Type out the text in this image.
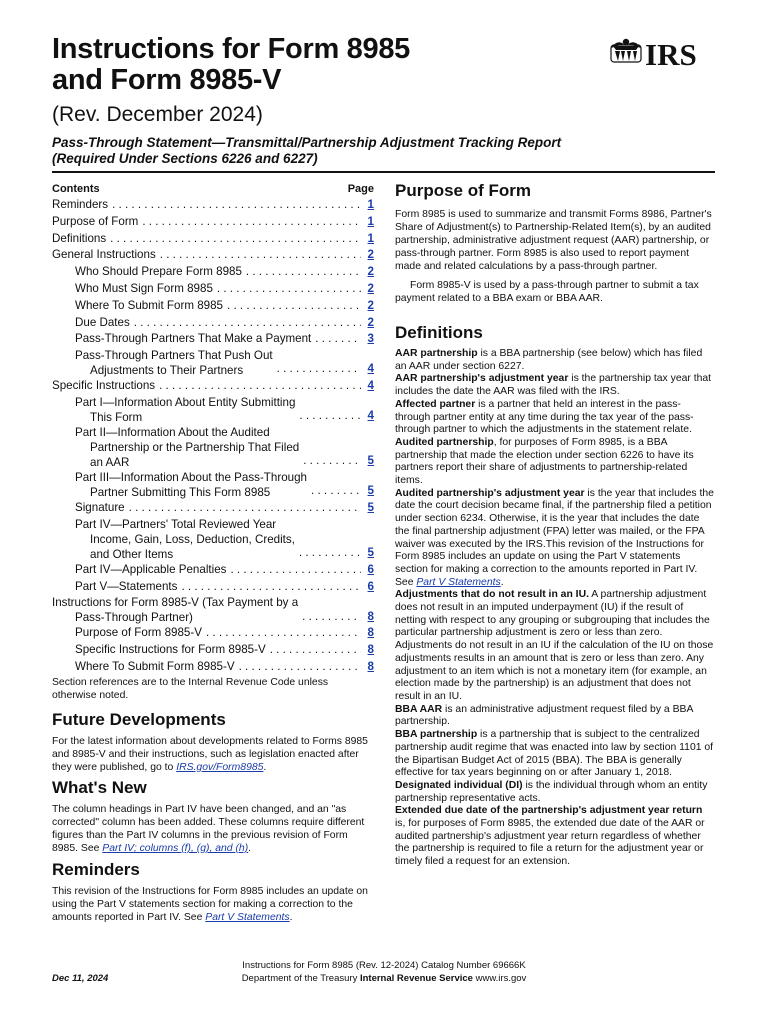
Instructions for Form 8985
and Form 8985-V
(Rev. December 2024)
Pass-Through Statement—Transmittal/Partnership Adjustment Tracking Report
(Required Under Sections 6226 and 6227)
IRS
Contents	Page
Reminders . . .	1
Purpose of Form . . .	1
Definitions . . .	1
General Instructions . . .	2
Who Should Prepare Form 8985 . . .	2
Who Must Sign Form 8985 . . .	2
Where To Submit Form 8985 . . .	2
Due Dates . . .	2
Pass-Through Partners That Make a Payment . . .	3
Pass-Through Partners That Push Out
Adjustments to Their Partners . . .	4
Specific Instructions . . .	4
Part I—Information About Entity Submitting
This Form . . .	4
Part II—Information About the Audited
Partnership or the Partnership That Filed
an AAR . . .	5
Part III—Information About the Pass-Through
Partner Submitting This Form 8985 . . .	5
Signature . . .	5
Part IV—Partners' Total Reviewed Year
Income, Gain, Loss, Deduction, Credits,
and Other Items . . .	5
Part IV—Applicable Penalties . . .	6
Part V—Statements . . .	6
Instructions for Form 8985-V (Tax Payment by a
Pass-Through Partner) . . .	8
Purpose of Form 8985-V . . .	8
Specific Instructions for Form 8985-V . . .	8
Where To Submit Form 8985-V . . .	8
Section references are to the Internal Revenue Code unless otherwise noted.
Future Developments

For the latest information about developments related to Forms 8985 and 8985-V and their instructions, such as legislation enacted after they were published, go to IRS.gov/Form8985.

What's New

The column headings in Part IV have been changed, and an "as corrected" column has been added. These columns require different figures than the Part IV columns in the previous revision of Form 8985. See Part IV; columns (f), (g), and (h).

Reminders

This revision of the Instructions for Form 8985 includes an update on using the Part V statements section for making a correction to the amounts reported in Part IV. See Part V Statements.

Purpose of Form

Form 8985 is used to summarize and transmit Forms 8986, Partner's Share of Adjustment(s) to Partnership-Related Item(s), by an audited partnership, administrative adjustment request (AAR) partnership, or pass-through partner. Form 8985 is also used to report payment made and related calculations by a pass-through partner.

Form 8985-V is used by a pass-through partner to submit a tax payment related to a BBA exam or BBA AAR.

Definitions

AAR partnership is a BBA partnership (see below) which has filed an AAR under section 6227.

AAR partnership's adjustment year is the partnership tax year that includes the date the AAR was filed with the IRS.

Affected partner is a partner that held an interest in the pass-through partner entity at any time during the tax year of the pass-through partner to which the adjustments in the statement relate.

Audited partnership, for purposes of Form 8985, is a BBA partnership that made the election under section 6226 to have its partners report their share of adjustments to partnership-related items.

Audited partnership's adjustment year is the year that includes the date the court decision became final, if the partnership filed a petition under section 6234. Otherwise, it is the year that includes the date the final partnership adjustment (FPA) letter was mailed, or the FPA waiver was executed by the IRS.This revision of the Instructions for Form 8985 includes an update on using the Part V statements section for making a correction to the amounts reported in Part IV. See Part V Statements.

Adjustments that do not result in an IU. A partnership adjustment does not result in an imputed underpayment (IU) if the result of netting with respect to any grouping or subgrouping that includes the particular partnership adjustment is zero or less than zero. Adjustments do not result in an IU if the calculation of the IU on those adjustments results in an amount that is zero or less than zero. Any adjustment to an item which is not a monetary item (for example, an election made by the partnership) is an adjustment that does not result in an IU.

BBA AAR is an administrative adjustment request filed by a BBA partnership.

BBA partnership is a partnership that is subject to the centralized partnership audit regime that was enacted into law by section 1101 of the Bipartisan Budget Act of 2015 (BBA). The BBA is generally effective for tax years beginning on or after January 1, 2018.

Designated individual (DI) is the individual through whom an entity partnership representative acts.

Extended due date of the partnership's adjustment year return is, for purposes of Form 8985, the extended due date of the AAR or audited partnership's adjustment year return regardless of whether the partnership is required to file a return for the adjustment year or timely filed a request for an extension.

Instructions for Form 8985 (Rev. 12-2024) Catalog Number 69666K
Department of the Treasury Internal Revenue Service www.irs.gov
Dec 11, 2024
